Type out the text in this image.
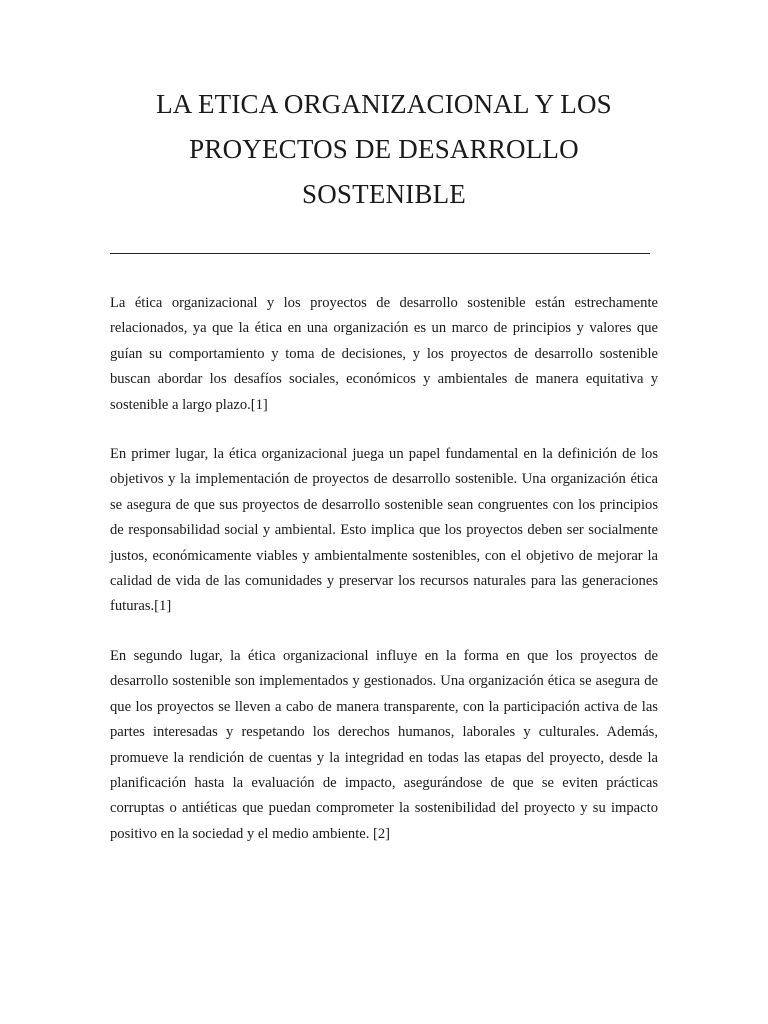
LA ETICA ORGANIZACIONAL Y LOS
PROYECTOS DE DESARROLLO
SOSTENIBLE

La ética organizacional y los proyectos de desarrollo sostenible están estrechamente relacionados, ya que la ética en una organización es un marco de principios y valores que guían su comportamiento y toma de decisiones, y los proyectos de desarrollo sostenible buscan abordar los desafíos sociales, económicos y ambientales de manera equitativa y sostenible a largo plazo.[1]

En primer lugar, la ética organizacional juega un papel fundamental en la definición de los objetivos y la implementación de proyectos de desarrollo sostenible. Una organización ética se asegura de que sus proyectos de desarrollo sostenible sean congruentes con los principios de responsabilidad social y ambiental. Esto implica que los proyectos deben ser socialmente justos, económicamente viables y ambientalmente sostenibles, con el objetivo de mejorar la calidad de vida de las comunidades y preservar los recursos naturales para las generaciones futuras.[1]

En segundo lugar, la ética organizacional influye en la forma en que los proyectos de desarrollo sostenible son implementados y gestionados. Una organización ética se asegura de que los proyectos se lleven a cabo de manera transparente, con la participación activa de las partes interesadas y respetando los derechos humanos, laborales y culturales. Además, promueve la rendición de cuentas y la integridad en todas las etapas del proyecto, desde la planificación hasta la evaluación de impacto, asegurándose de que se eviten prácticas corruptas o antiéticas que puedan comprometer la sostenibilidad del proyecto y su impacto positivo en la sociedad y el medio ambiente. [2]
